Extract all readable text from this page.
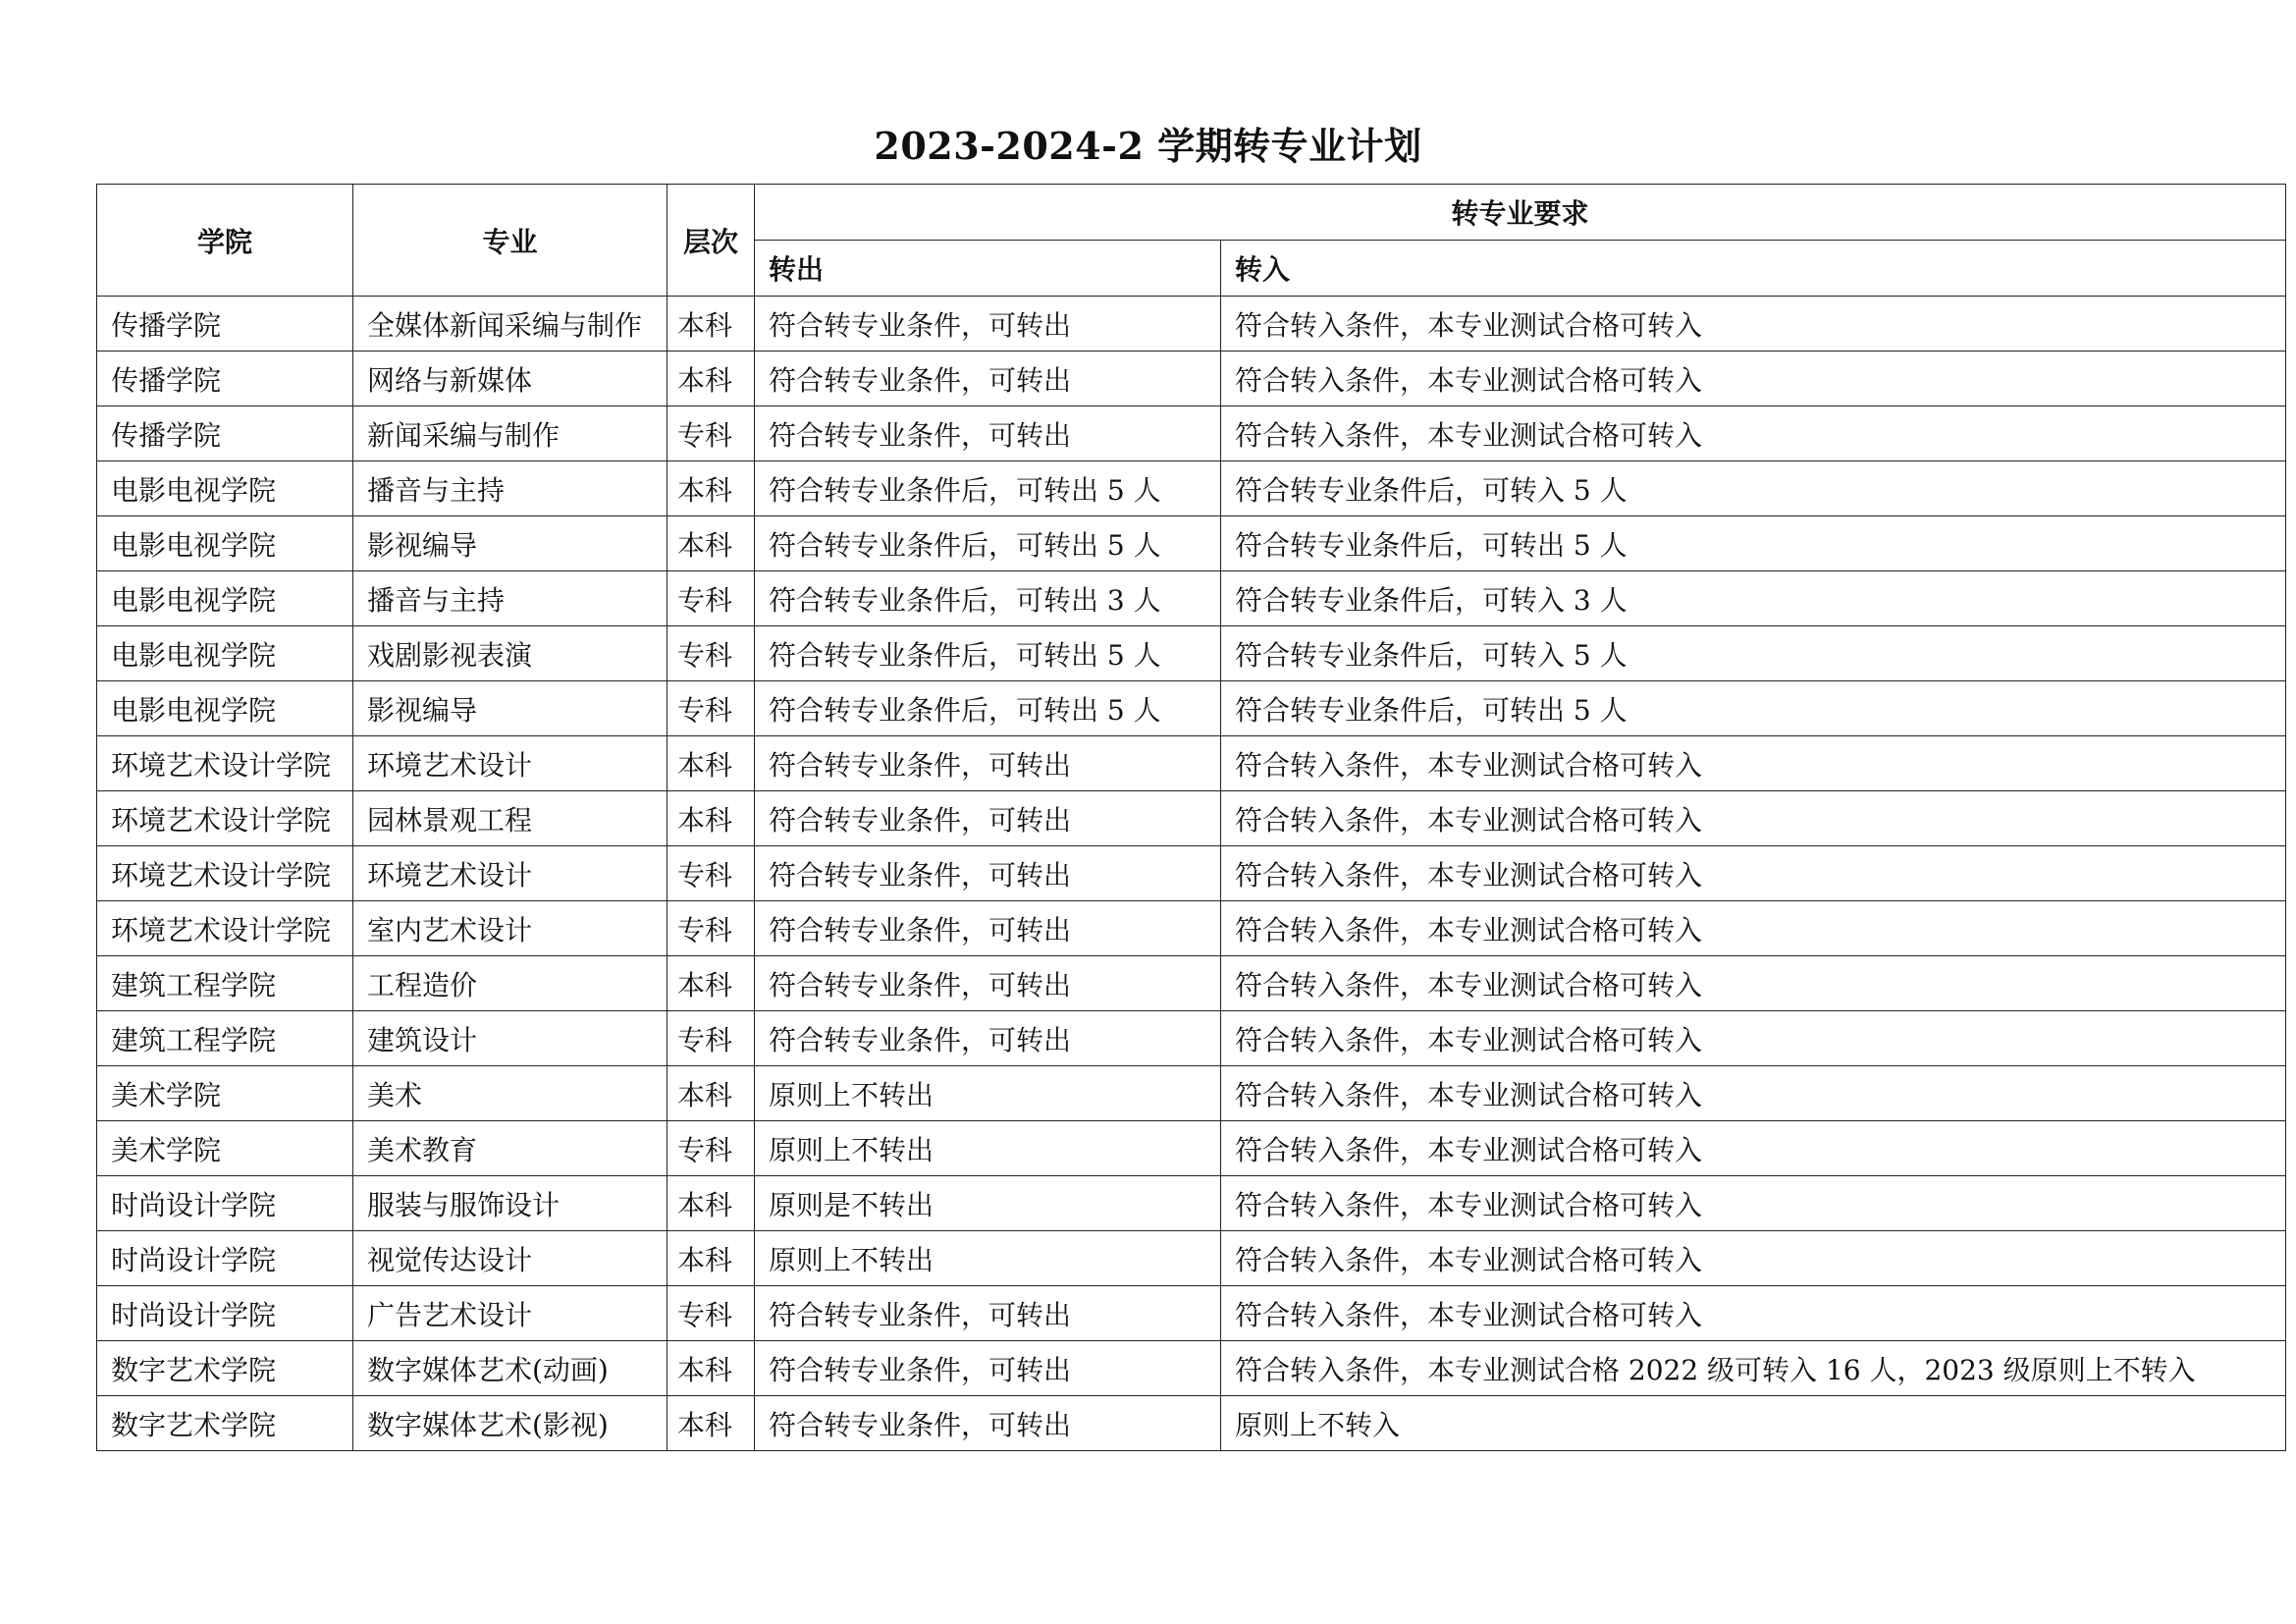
2023-2024-2 学期转专业计划
学院	专业	层次	转专业要求	
			转出	转入
传播学院	全媒体新闻采编与制作	本科	符合转专业条件，可转出	符合转入条件，本专业测试合格可转入
传播学院	网络与新媒体	本科	符合转专业条件，可转出	符合转入条件，本专业测试合格可转入
传播学院	新闻采编与制作	专科	符合转专业条件，可转出	符合转入条件，本专业测试合格可转入
电影电视学院	播音与主持	本科	符合转专业条件后，可转出 5 人	符合转专业条件后，可转入 5 人
电影电视学院	影视编导	本科	符合转专业条件后，可转出 5 人	符合转专业条件后，可转出 5 人
电影电视学院	播音与主持	专科	符合转专业条件后，可转出 3 人	符合转专业条件后，可转入 3 人
电影电视学院	戏剧影视表演	专科	符合转专业条件后，可转出 5 人	符合转专业条件后，可转入 5 人
电影电视学院	影视编导	专科	符合转专业条件后，可转出 5 人	符合转专业条件后，可转出 5 人
环境艺术设计学院	环境艺术设计	本科	符合转专业条件，可转出	符合转入条件，本专业测试合格可转入
环境艺术设计学院	园林景观工程	本科	符合转专业条件，可转出	符合转入条件，本专业测试合格可转入
环境艺术设计学院	环境艺术设计	专科	符合转专业条件，可转出	符合转入条件，本专业测试合格可转入
环境艺术设计学院	室内艺术设计	专科	符合转专业条件，可转出	符合转入条件，本专业测试合格可转入
建筑工程学院	工程造价	本科	符合转专业条件，可转出	符合转入条件，本专业测试合格可转入
建筑工程学院	建筑设计	专科	符合转专业条件，可转出	符合转入条件，本专业测试合格可转入
美术学院	美术	本科	原则上不转出	符合转入条件，本专业测试合格可转入
美术学院	美术教育	专科	原则上不转出	符合转入条件，本专业测试合格可转入
时尚设计学院	服装与服饰设计	本科	原则是不转出	符合转入条件，本专业测试合格可转入
时尚设计学院	视觉传达设计	本科	原则上不转出	符合转入条件，本专业测试合格可转入
时尚设计学院	广告艺术设计	专科	符合转专业条件，可转出	符合转入条件，本专业测试合格可转入
数字艺术学院	数字媒体艺术(动画)	本科	符合转专业条件，可转出	符合转入条件，本专业测试合格 2022 级可转入 16 人，2023 级原则上不转入
数字艺术学院	数字媒体艺术(影视)	本科	符合转专业条件，可转出	原则上不转入
